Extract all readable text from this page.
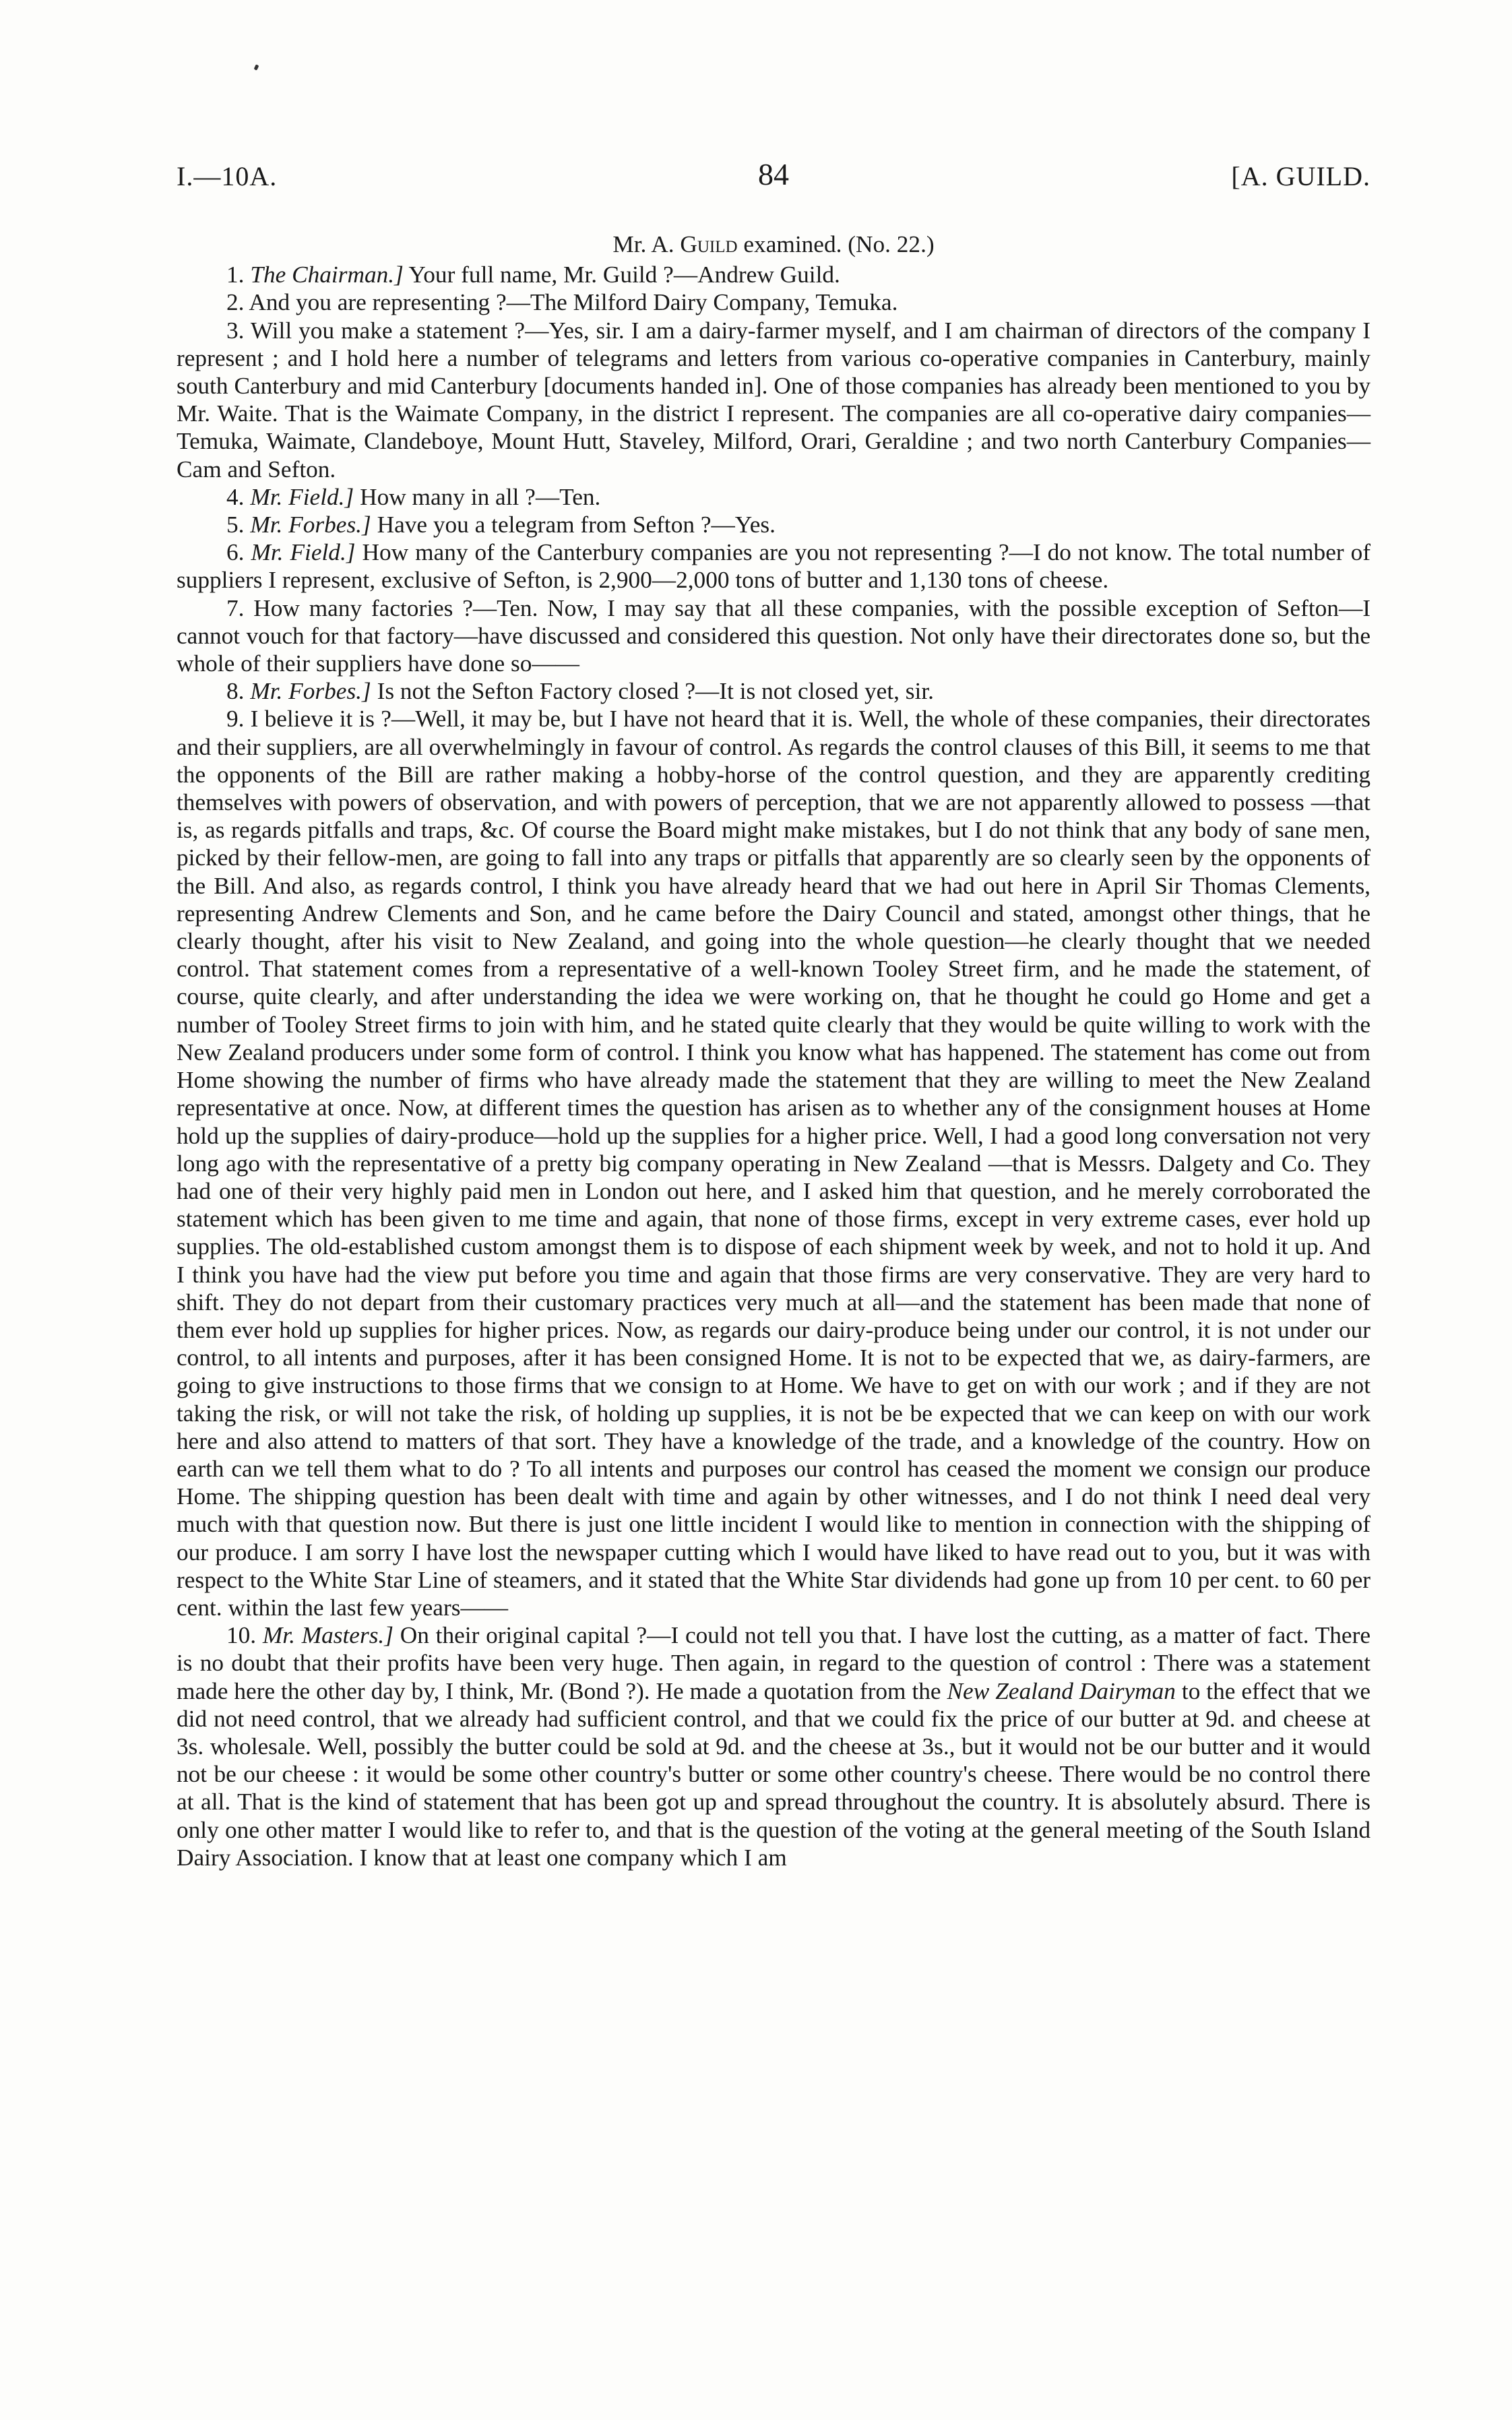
I.—10A.	84	[A. GUILD.

Mr. A. Guild examined. (No. 22.)

1. The Chairman.] Your full name, Mr. Guild ?—Andrew Guild.

2. And you are representing ?—The Milford Dairy Company, Temuka.

3. Will you make a statement ?—Yes, sir. I am a dairy-farmer myself, and I am chairman of directors of the company I represent ; and I hold here a number of telegrams and letters from various co-operative companies in Canterbury, mainly south Canterbury and mid Canterbury [documents handed in]. One of those companies has already been mentioned to you by Mr. Waite. That is the Waimate Company, in the district I represent. The companies are all co-operative dairy companies—Temuka, Waimate, Clandeboye, Mount Hutt, Staveley, Milford, Orari, Geraldine ; and two north Canterbury Companies—Cam and Sefton.

4. Mr. Field.] How many in all ?—Ten.

5. Mr. Forbes.] Have you a telegram from Sefton ?—Yes.

6. Mr. Field.] How many of the Canterbury companies are you not representing ?—I do not know. The total number of suppliers I represent, exclusive of Sefton, is 2,900—2,000 tons of butter and 1,130 tons of cheese.

7. How many factories ?—Ten. Now, I may say that all these companies, with the possible exception of Sefton—I cannot vouch for that factory—have discussed and considered this question. Not only have their directorates done so, but the whole of their suppliers have done so——

8. Mr. Forbes.] Is not the Sefton Factory closed ?—It is not closed yet, sir.

9. I believe it is ?—Well, it may be, but I have not heard that it is. Well, the whole of these companies, their directorates and their suppliers, are all overwhelmingly in favour of control. As regards the control clauses of this Bill, it seems to me that the opponents of the Bill are rather making a hobby-horse of the control question, and they are apparently crediting themselves with powers of observation, and with powers of perception, that we are not apparently allowed to possess —that is, as regards pitfalls and traps, &c. Of course the Board might make mistakes, but I do not think that any body of sane men, picked by their fellow-men, are going to fall into any traps or pitfalls that apparently are so clearly seen by the opponents of the Bill. And also, as regards control, I think you have already heard that we had out here in April Sir Thomas Clements, representing Andrew Clements and Son, and he came before the Dairy Council and stated, amongst other things, that he clearly thought, after his visit to New Zealand, and going into the whole question—he clearly thought that we needed control. That statement comes from a representative of a well-known Tooley Street firm, and he made the statement, of course, quite clearly, and after understanding the idea we were working on, that he thought he could go Home and get a number of Tooley Street firms to join with him, and he stated quite clearly that they would be quite willing to work with the New Zealand producers under some form of control. I think you know what has happened. The statement has come out from Home showing the number of firms who have already made the statement that they are willing to meet the New Zealand representative at once. Now, at different times the question has arisen as to whether any of the consignment houses at Home hold up the supplies of dairy-produce—hold up the supplies for a higher price. Well, I had a good long conversation not very long ago with the representative of a pretty big company operating in New Zealand —that is Messrs. Dalgety and Co. They had one of their very highly paid men in London out here, and I asked him that question, and he merely corroborated the statement which has been given to me time and again, that none of those firms, except in very extreme cases, ever hold up supplies. The old-established custom amongst them is to dispose of each shipment week by week, and not to hold it up. And I think you have had the view put before you time and again that those firms are very conservative. They are very hard to shift. They do not depart from their customary practices very much at all—and the statement has been made that none of them ever hold up supplies for higher prices. Now, as regards our dairy-produce being under our control, it is not under our control, to all intents and purposes, after it has been consigned Home. It is not to be expected that we, as dairy-farmers, are going to give instructions to those firms that we consign to at Home. We have to get on with our work ; and if they are not taking the risk, or will not take the risk, of holding up supplies, it is not be be expected that we can keep on with our work here and also attend to matters of that sort. They have a knowledge of the trade, and a knowledge of the country. How on earth can we tell them what to do ? To all intents and purposes our control has ceased the moment we consign our produce Home. The shipping question has been dealt with time and again by other witnesses, and I do not think I need deal very much with that question now. But there is just one little incident I would like to mention in connection with the shipping of our produce. I am sorry I have lost the newspaper cutting which I would have liked to have read out to you, but it was with respect to the White Star Line of steamers, and it stated that the White Star dividends had gone up from 10 per cent. to 60 per cent. within the last few years——

10. Mr. Masters.] On their original capital ?—I could not tell you that. I have lost the cutting, as a matter of fact. There is no doubt that their profits have been very huge. Then again, in regard to the question of control : There was a statement made here the other day by, I think, Mr. (Bond ?). He made a quotation from the New Zealand Dairyman to the effect that we did not need control, that we already had sufficient control, and that we could fix the price of our butter at 9d. and cheese at 3s. wholesale. Well, possibly the butter could be sold at 9d. and the cheese at 3s., but it would not be our butter and it would not be our cheese : it would be some other country's butter or some other country's cheese. There would be no control there at all. That is the kind of statement that has been got up and spread throughout the country. It is absolutely absurd. There is only one other matter I would like to refer to, and that is the question of the voting at the general meeting of the South Island Dairy Association. I know that at least one company which I am
